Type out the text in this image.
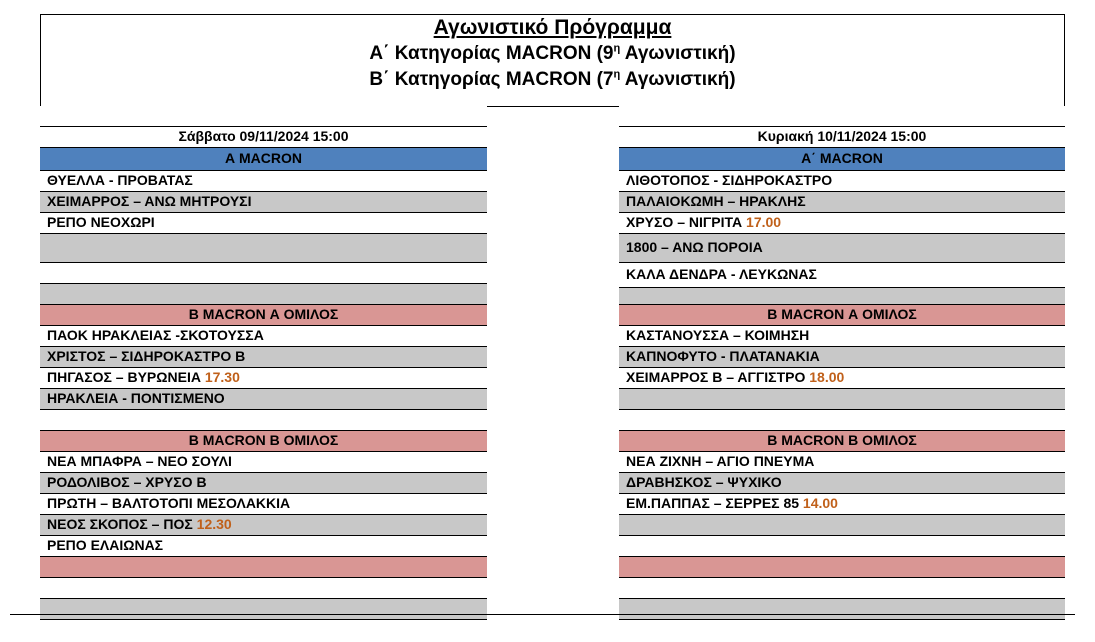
Αγωνιστικό Πρόγραμμα
Α΄ Κατηγορίας MACRON ($9^\eta$ Αγωνιστική)
Β΄ Κατηγορίας MACRON ($7^\eta$ Αγωνιστική)
Σάββατο 09/11/2024 15:00
Α MACRON
ΘΥΕΛΛΑ - ΠΡΟΒΑΤΑΣ
ΧΕΙΜΑΡΡΟΣ – ΑΝΩ ΜΗΤΡΟΥΣΙ
ΡΕΠΟ ΝΕΟΧΩΡΙ
Β MACRON Α ΟΜΙΛΟΣ
ΠΑΟΚ ΗΡΑΚΛΕΙΑΣ -ΣΚΟΤΟΥΣΣΑ
ΧΡΙΣΤΟΣ – ΣΙΔΗΡΟΚΑΣΤΡΟ Β
ΠΗΓΑΣΟΣ – ΒΥΡΩΝΕΙΑ 17.30
ΗΡΑΚΛΕΙΑ - ΠΟΝΤΙΣΜΕΝΟ
Β MACRON Β ΟΜΙΛΟΣ
ΝΕΑ ΜΠΑΦΡΑ – ΝΕΟ ΣΟΥΛΙ
ΡΟΔΟΛΙΒΟΣ – ΧΡΥΣΟ Β
ΠΡΩΤΗ – ΒΑΛΤΟΤΟΠΙ ΜΕΣΟΛΑΚΚΙΑ
ΝΕΟΣ ΣΚΟΠΟΣ – ΠΟΣ 12.30
ΡΕΠΟ ΕΛΑΙΩΝΑΣ
Κυριακή 10/11/2024 15:00
Α΄ MACRON
ΛΙΘΟΤΟΠΟΣ - ΣΙΔΗΡΟΚΑΣΤΡΟ
ΠΑΛΑΙΟΚΩΜΗ – ΗΡΑΚΛΗΣ
ΧΡΥΣΟ – ΝΙΓΡΙΤΑ 17.00
1800 – ΑΝΩ ΠΟΡΟΙΑ
ΚΑΛΑ ΔΕΝΔΡΑ - ΛΕΥΚΩΝΑΣ
Β MACRON Α ΟΜΙΛΟΣ
ΚΑΣΤΑΝΟΥΣΣΑ – ΚΟΙΜΗΣΗ
ΚΑΠΝΟΦΥΤΟ - ΠΛΑΤΑΝΑΚΙΑ
ΧΕΙΜΑΡΡΟΣ Β – ΑΓΓΙΣΤΡΟ 18.00
Β MACRON Β ΟΜΙΛΟΣ
ΝΕΑ ΖΙΧΝΗ – ΑΓΙΟ ΠΝΕΥΜΑ
ΔΡΑΒΗΣΚΟΣ – ΨΥΧΙΚΟ
ΕΜ.ΠΑΠΠΑΣ – ΣΕΡΡΕΣ 85 14.00
